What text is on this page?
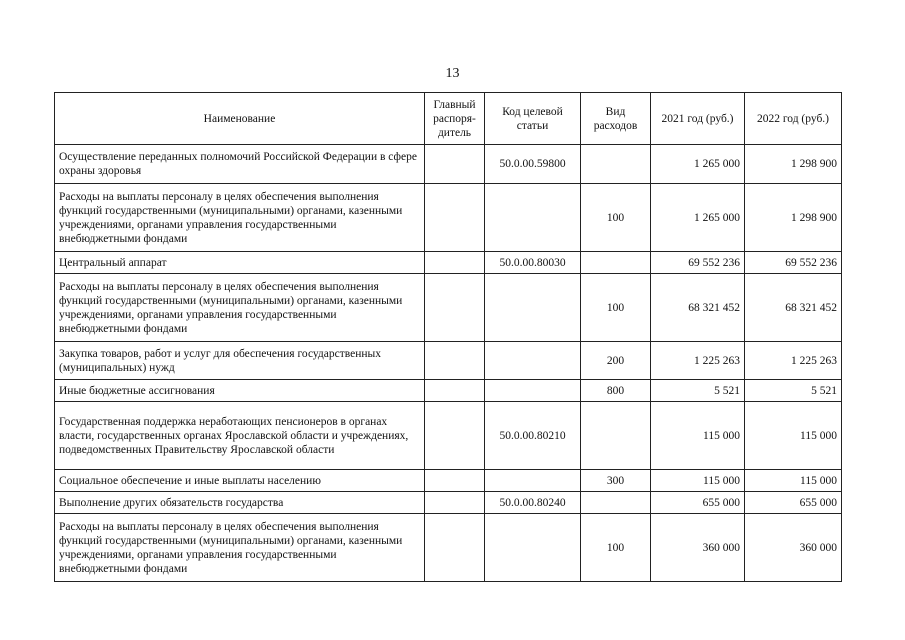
13
Наименование	Главный распоря-дитель	Код целевой статьи	Вид расходов	2021 год (руб.)	2022 год (руб.)
Осуществление переданных полномочий Российской Федерации в сфере охраны здоровья		50.0.00.59800		1 265 000	1 298 900
Расходы на выплаты персоналу в целях обеспечения выполнения функций государственными (муниципальными) органами, казенными учреждениями, органами управления государственными внебюджетными фондами			100	1 265 000	1 298 900
Центральный аппарат		50.0.00.80030		69 552 236	69 552 236
Расходы на выплаты персоналу в целях обеспечения выполнения функций государственными (муниципальными) органами, казенными учреждениями, органами управления государственными внебюджетными фондами			100	68 321 452	68 321 452
Закупка товаров, работ и услуг для обеспечения государственных (муниципальных) нужд			200	1 225 263	1 225 263
Иные бюджетные ассигнования			800	5 521	5 521
Государственная поддержка неработающих пенсионеров в органах власти, государственных органах Ярославской области и учреждениях, подведомственных Правительству Ярославской области		50.0.00.80210		115 000	115 000
Социальное обеспечение и иные выплаты населению			300	115 000	115 000
Выполнение других обязательств государства		50.0.00.80240		655 000	655 000
Расходы на выплаты персоналу в целях обеспечения выполнения функций государственными (муниципальными) органами, казенными учреждениями, органами управления государственными внебюджетными фондами			100	360 000	360 000
